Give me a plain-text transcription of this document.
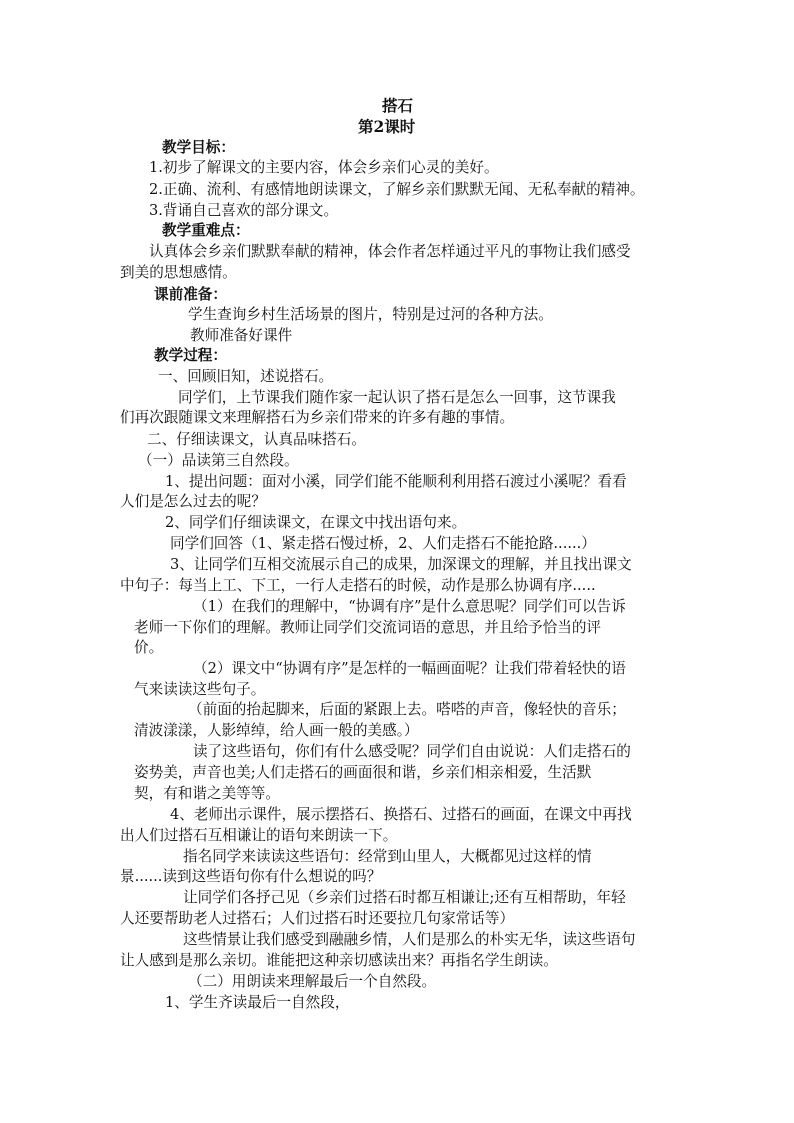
搭石
第2课时
教学目标：
1.初步了解课文的主要内容，体会乡亲们心灵的美好。
2.正确、流利、有感情地朗读课文，了解乡亲们默默无闻、无私奉献的精神。
3.背诵自己喜欢的部分课文。
教学重难点：
认真体会乡亲们默默奉献的精神，体会作者怎样通过平凡的事物让我们感受
到美的思想感情。
课前准备：
学生查询乡村生活场景的图片，特别是过河的各种方法。
教师准备好课件
教学过程：
一、回顾旧知，述说搭石。
同学们，上节课我们随作家一起认识了搭石是怎么一回事，这节课我
们再次跟随课文来理解搭石为乡亲们带来的许多有趣的事情。
二、仔细读课文，认真品味搭石。
（一）品读第三自然段。
1、提出问题：面对小溪，同学们能不能顺利利用搭石渡过小溪呢？看看
人们是怎么过去的呢？
2、同学们仔细读课文，在课文中找出语句来。
同学们回答（1、紧走搭石慢过桥，2、人们走搭石不能抢路......）
3、让同学们互相交流展示自己的成果，加深课文的理解，并且找出课文
中句子：每当上工、下工，一行人走搭石的时候，动作是那么协调有序.....
（1）在我们的理解中，“协调有序”是什么意思呢？同学们可以告诉
老师一下你们的理解。教师让同学们交流词语的意思，并且给予恰当的评
价。
（2）课文中“协调有序”是怎样的一幅画面呢？让我们带着轻快的语
气来读读这些句子。
（前面的抬起脚来，后面的紧跟上去。嗒嗒的声音，像轻快的音乐；
清波漾漾，人影绰绰，给人画一般的美感。）
读了这些语句，你们有什么感受呢？同学们自由说说：人们走搭石的
姿势美，声音也美;人们走搭石的画面很和谐，乡亲们相亲相爱，生活默
契，有和谐之美等等。
4、老师出示课件，展示摆搭石、换搭石、过搭石的画面，在课文中再找
出人们过搭石互相谦让的语句来朗读一下。
指名同学来读读这些语句：经常到山里人，大概都见过这样的情
景......读到这些语句你有什么想说的吗？
让同学们各抒己见（乡亲们过搭石时都互相谦让;还有互相帮助，年轻
人还要帮助老人过搭石；人们过搭石时还要拉几句家常话等）
这些情景让我们感受到融融乡情，人们是那么的朴实无华，读这些语句
让人感到是那么亲切。谁能把这种亲切感读出来？再指名学生朗读。
（二）用朗读来理解最后一个自然段。
1、学生齐读最后一自然段，
